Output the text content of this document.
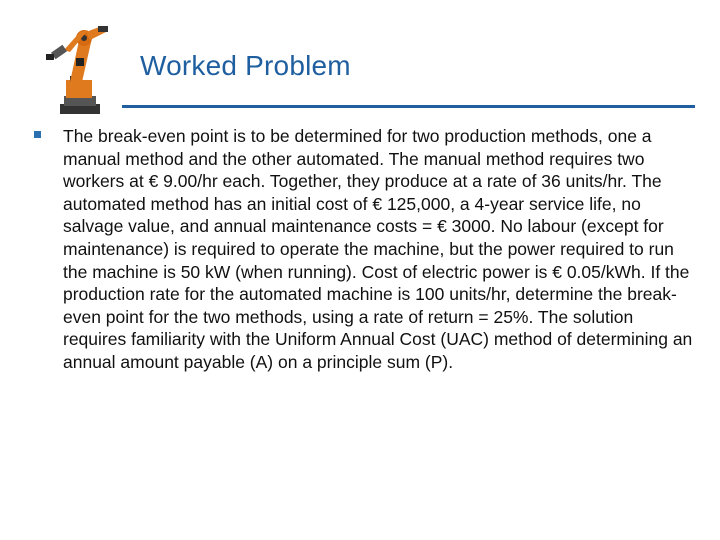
Worked Problem
The break-even point is to be determined for two production methods, one a manual method and the other automated. The manual method requires two workers at € 9.00/hr each. Together, they produce at a rate of 36 units/hr. The automated method has an initial cost of € 125,000, a 4-year service life, no salvage value, and annual maintenance costs = € 3000. No labour (except for maintenance) is required to operate the machine, but the power required to run the machine is 50 kW (when running). Cost of electric power is € 0.05/kWh. If the production rate for the automated machine is 100 units/hr, determine the break-even point for the two methods, using a rate of return = 25%. The solution requires familiarity with the Uniform Annual Cost (UAC) method of determining an annual amount payable (A) on a principle sum (P).
